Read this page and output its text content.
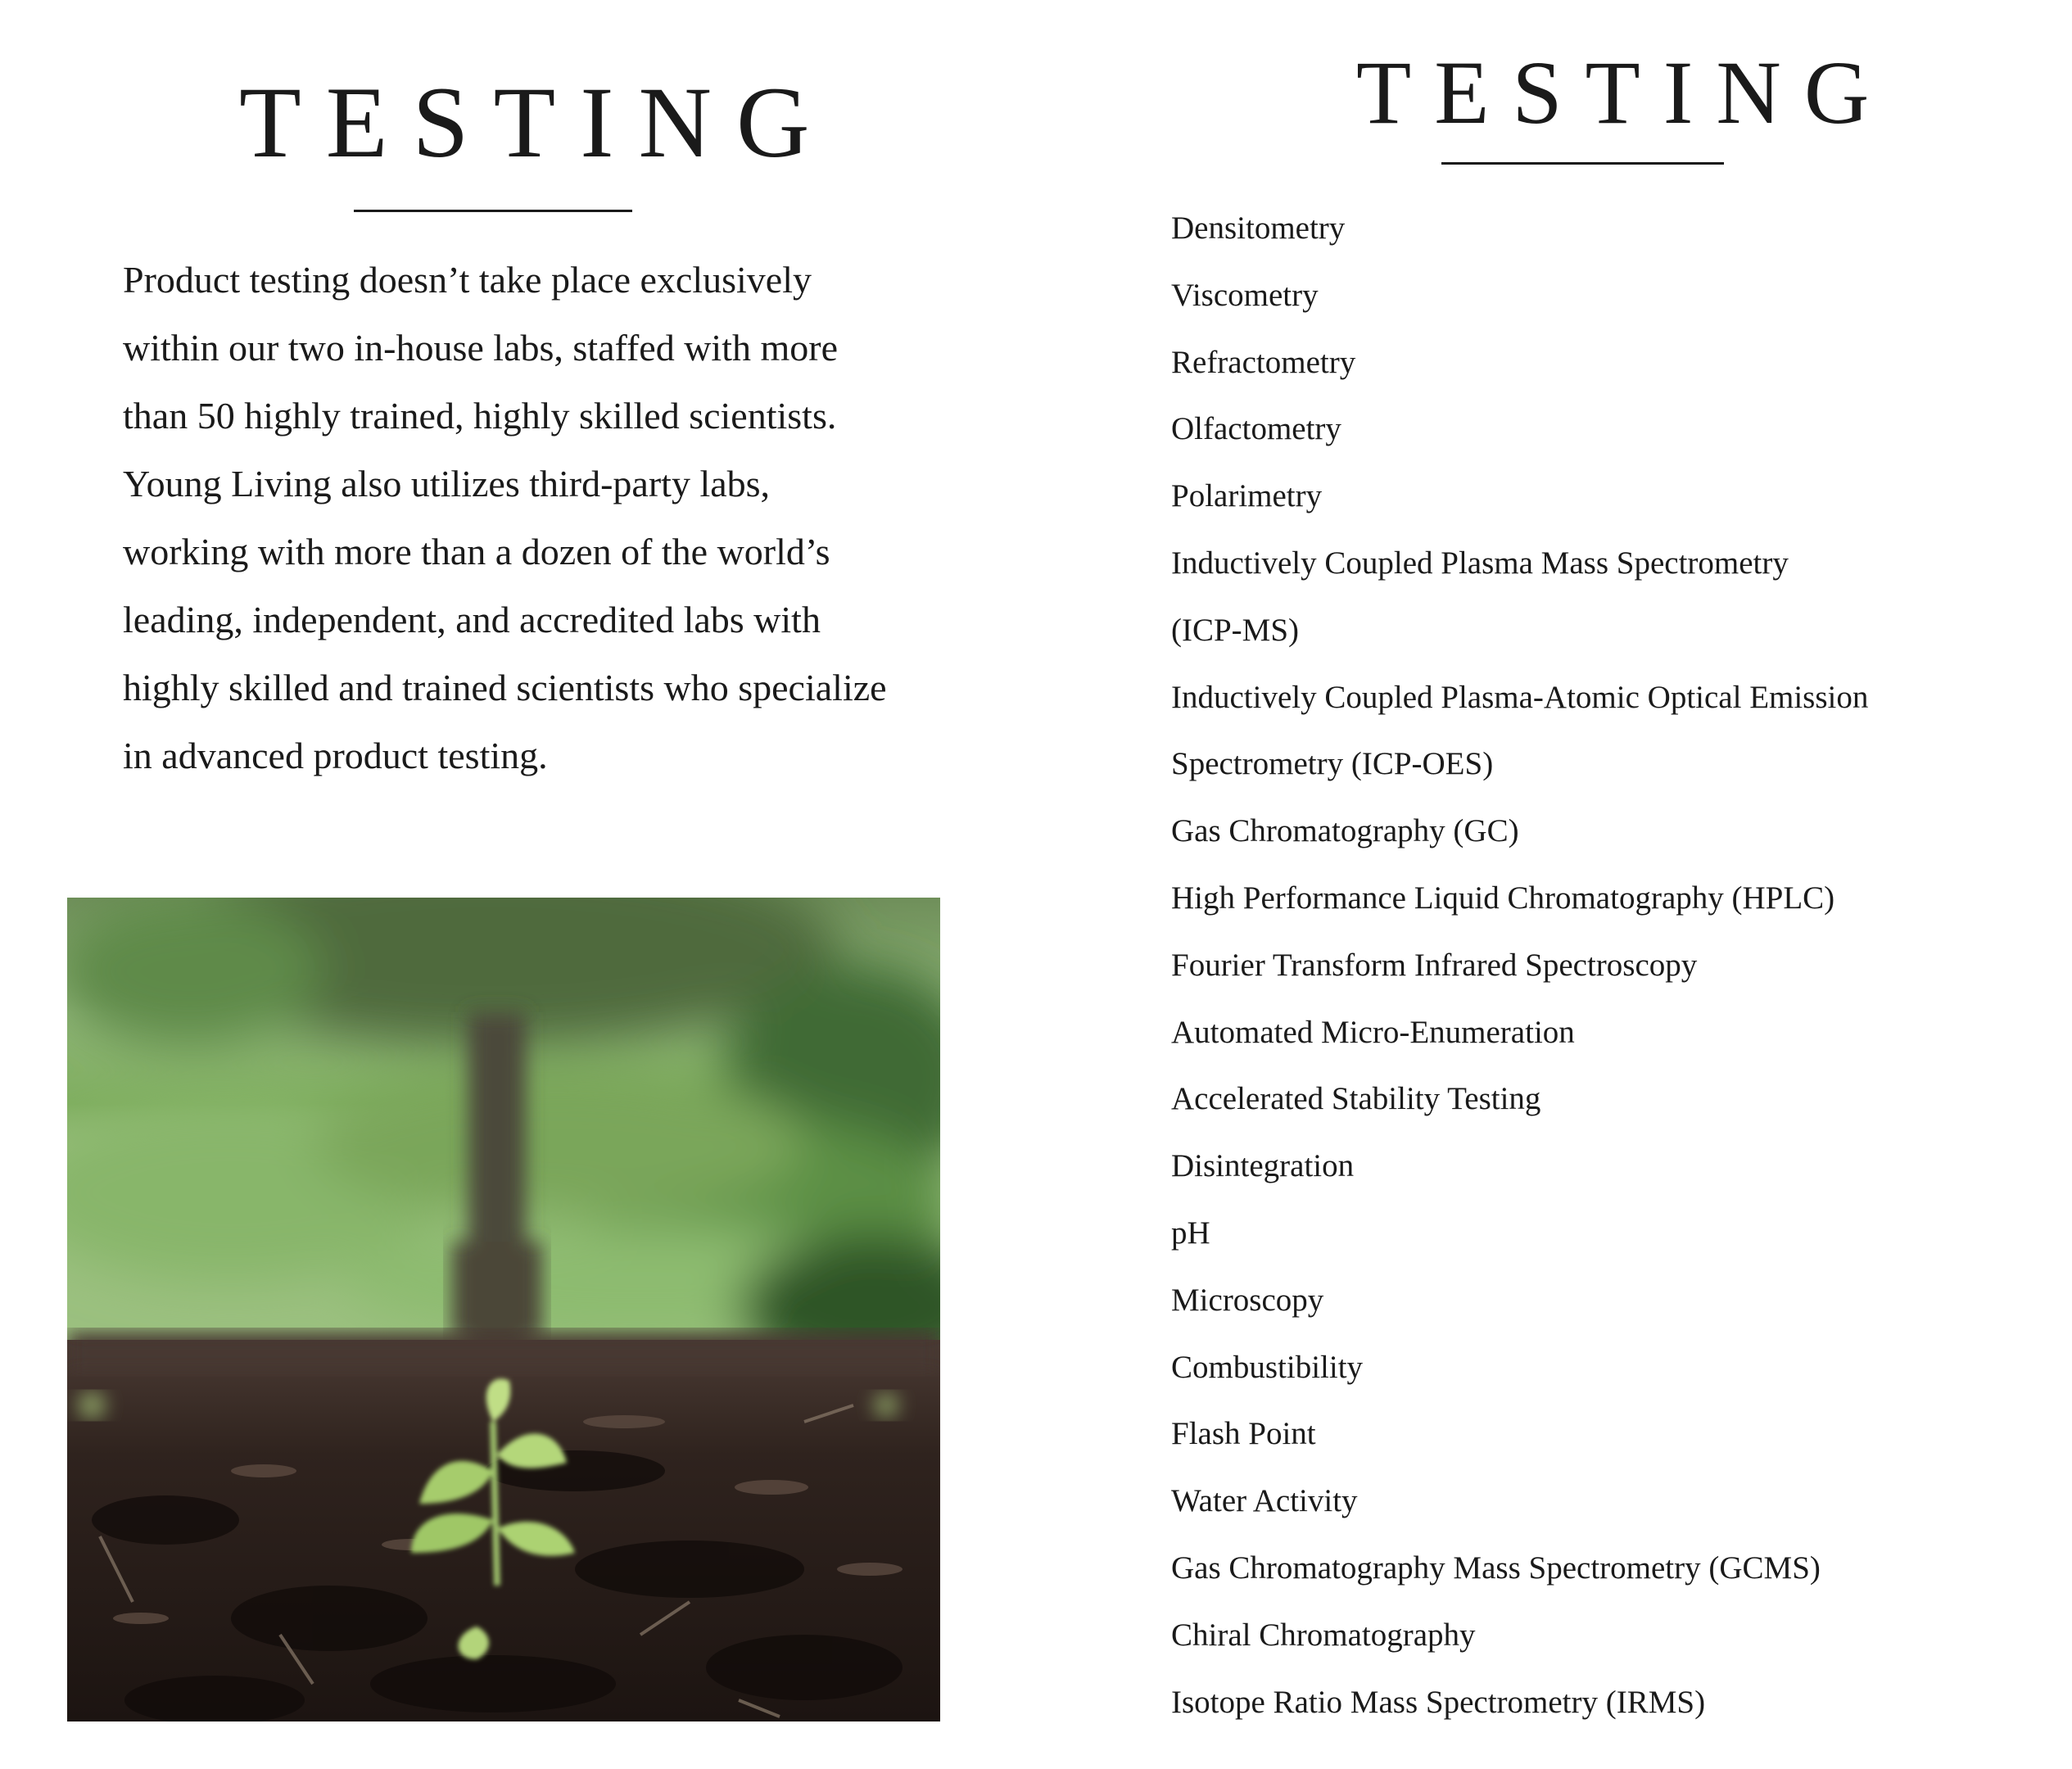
TESTING

Product testing doesn’t take place exclusively within our two in-house labs, staffed with more than 50 highly trained, highly skilled scientists.

Young Living also utilizes third-party labs, working with more than a dozen of the world’s leading, independent, and accredited labs with highly skilled and trained scientists who specialize in advanced product testing.

TESTING
Densitometry
Viscometry
Refractometry
Olfactometry
Polarimetry
Inductively Coupled Plasma Mass Spectrometry
(ICP-MS)
Inductively Coupled Plasma-Atomic Optical Emission
Spectrometry (ICP-OES)
Gas Chromatography (GC)
High Performance Liquid Chromatography (HPLC)
Fourier Transform Infrared Spectroscopy
Automated Micro-Enumeration
Accelerated Stability Testing
Disintegration
pH
Microscopy
Combustibility
Flash Point
Water Activity
Gas Chromatography Mass Spectrometry (GCMS)
Chiral Chromatography
Isotope Ratio Mass Spectrometry (IRMS)
